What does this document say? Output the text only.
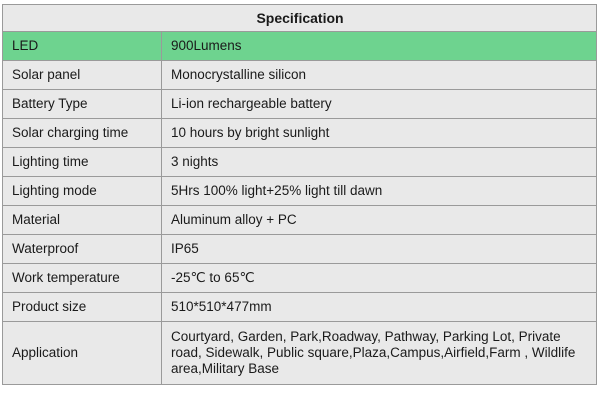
Specification	
LED	900Lumens
Solar panel	Monocrystalline silicon
Battery Type	Li-ion rechargeable battery
Solar charging time	10 hours by bright sunlight
Lighting time	3 nights
Lighting mode	5Hrs 100% light+25% light till dawn
Material	Aluminum alloy + PC
Waterproof	IP65
Work temperature	-25℃ to 65℃
Product size	510*510*477mm
Application	Courtyard, Garden, Park,Roadway, Pathway, Parking Lot, Private road, Sidewalk, Public square,Plaza,Campus,Airfield,Farm , Wildlife area,Military Base
